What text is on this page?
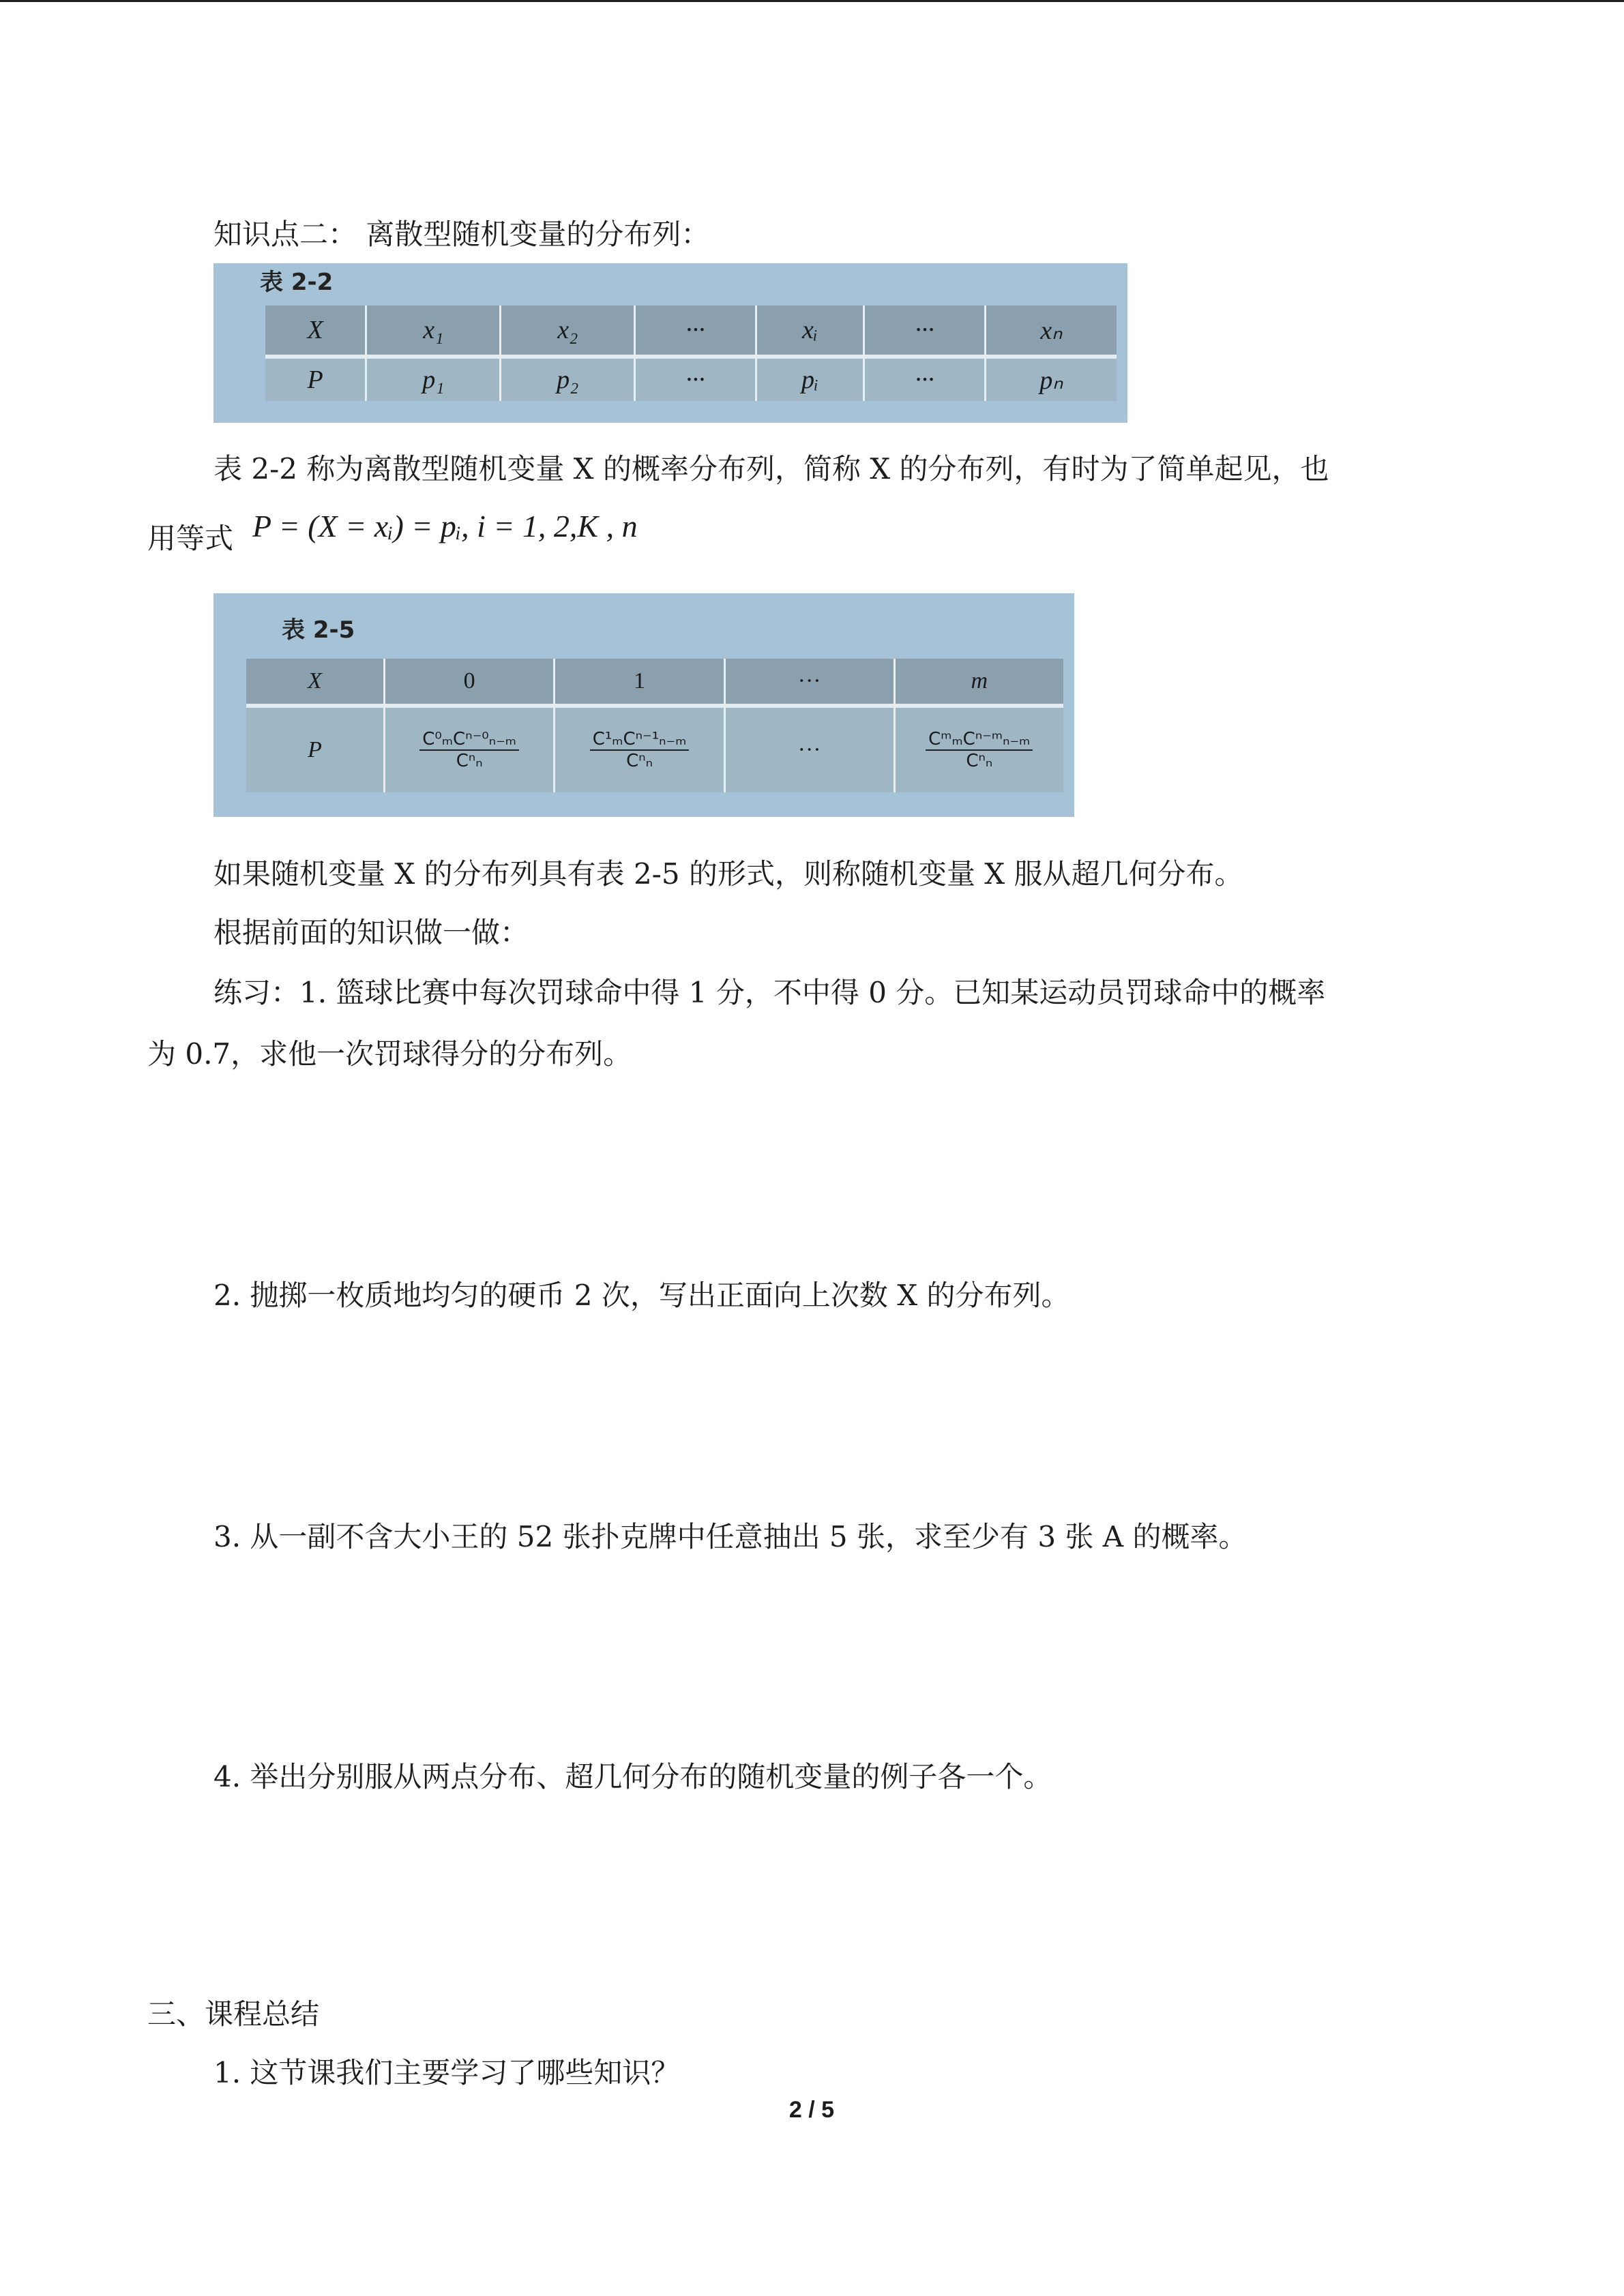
知识点二： 离散型随机变量的分布列：
表 2-2
X	x₁	x₂	···	xᵢ	···	xₙ

P	p₁	p₂	···	pᵢ	···	pₙ
表 2-2 称为离散型随机变量 X 的概率分布列，简称 X 的分布列，有时为了简单起见，也
用等式 P = (X = xᵢ) = pᵢ, i = 1, 2,K , n
表 2-5
X	0	1	···	m

P	$\frac{\text{C⁰ₘCⁿ⁻⁰ₙ₋ₘ}}{\text{Cⁿₙ}}$	$\frac{\text{C¹ₘCⁿ⁻¹ₙ₋ₘ}}{\text{Cⁿₙ}}$	···	$\frac{\text{CᵐₘCⁿ⁻ᵐₙ₋ₘ}}{\text{Cⁿₙ}}$
如果随机变量 X 的分布列具有表 2-5 的形式，则称随机变量 X 服从超几何分布。
根据前面的知识做一做：
练习：1. 篮球比赛中每次罚球命中得 1 分，不中得 0 分。已知某运动员罚球命中的概率
为 0.7，求他一次罚球得分的分布列。
2. 抛掷一枚质地均匀的硬币 2 次，写出正面向上次数 X 的分布列。
3. 从一副不含大小王的 52 张扑克牌中任意抽出 5 张，求至少有 3 张 A 的概率。
4. 举出分别服从两点分布、超几何分布的随机变量的例子各一个。
三、课程总结
1. 这节课我们主要学习了哪些知识？
2 / 5
